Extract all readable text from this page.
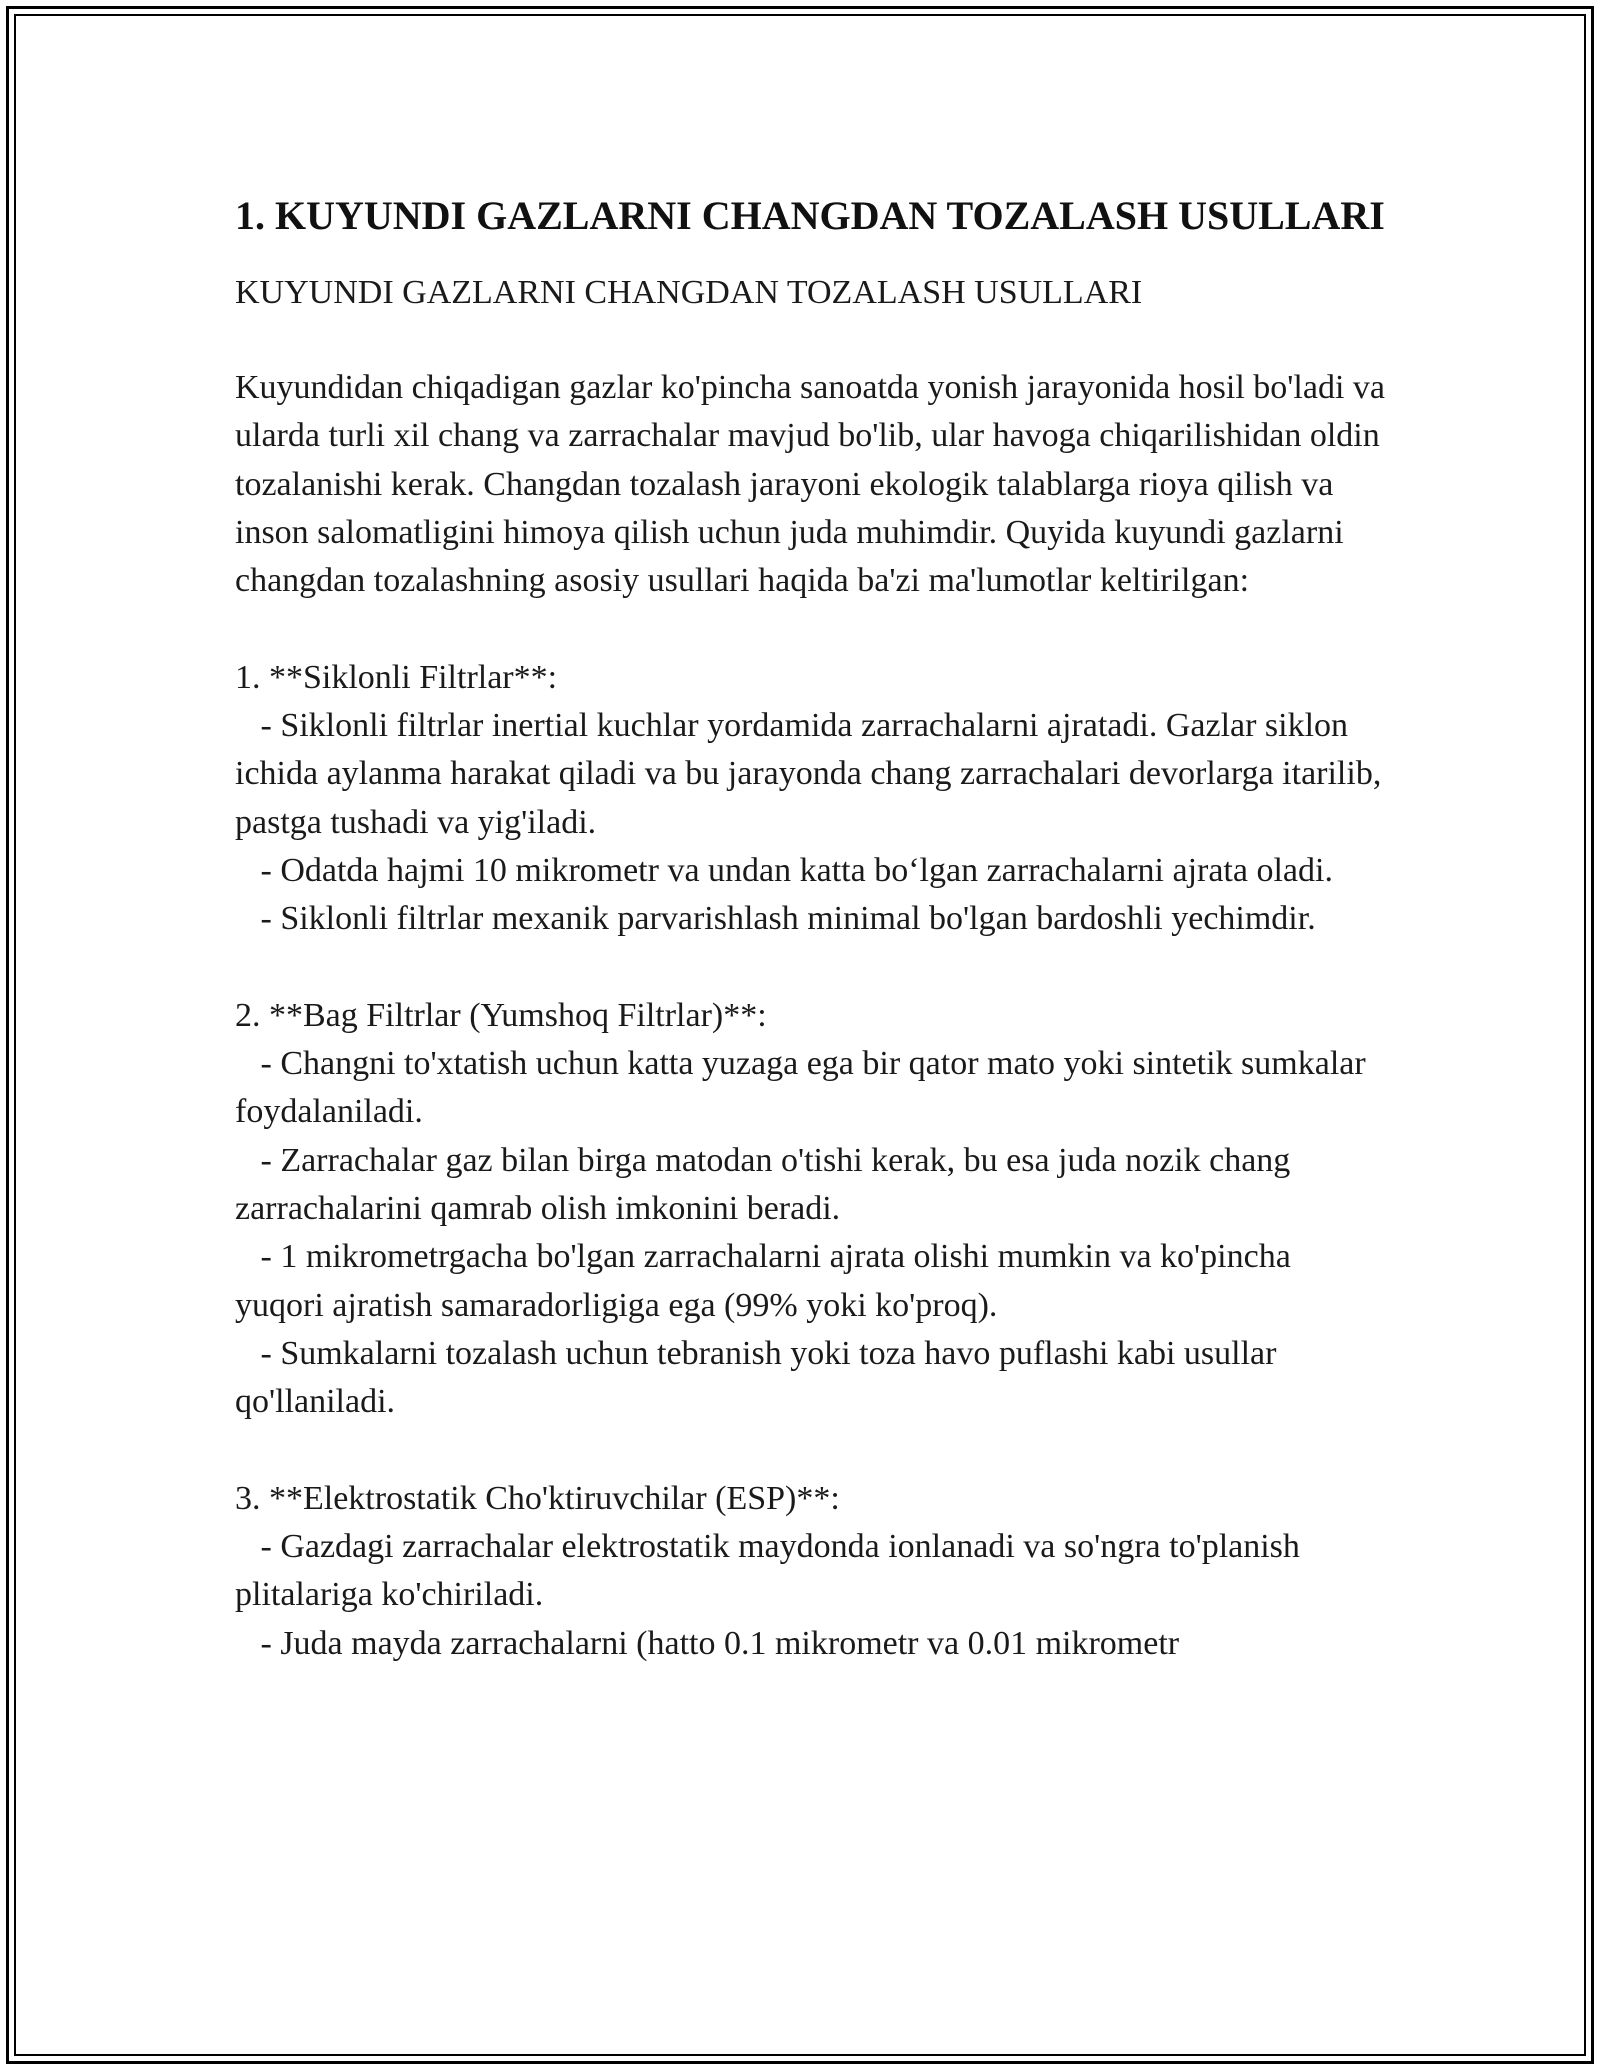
1. KUYUNDI GAZLARNI CHANGDAN TOZALASH USULLARI

KUYUNDI GAZLARNI CHANGDAN TOZALASH USULLARI

Kuyundidan chiqadigan gazlar ko'pincha sanoatda yonish jarayonida hosil bo'ladi va ularda turli xil chang va zarrachalar mavjud bo'lib, ular havoga chiqarilishidan oldin tozalanishi kerak. Changdan tozalash jarayoni ekologik talablarga rioya qilish va inson salomatligini himoya qilish uchun juda muhimdir. Quyida kuyundi gazlarni changdan tozalashning asosiy usullari haqida ba'zi ma'lumotlar keltirilgan:

1. **Siklonli Filtrlar**:
- Siklonli filtrlar inertial kuchlar yordamida zarrachalarni ajratadi. Gazlar siklon ichida aylanma harakat qiladi va bu jarayonda chang zarrachalari devorlarga itarilib, pastga tushadi va yig'iladi.
- Odatda hajmi 10 mikrometr va undan katta bo‘lgan zarrachalarni ajrata oladi.
- Siklonli filtrlar mexanik parvarishlash minimal bo'lgan bardoshli yechimdir.

2. **Bag Filtrlar (Yumshoq Filtrlar)**:
- Changni to'xtatish uchun katta yuzaga ega bir qator mato yoki sintetik sumkalar foydalaniladi.
- Zarrachalar gaz bilan birga matodan o'tishi kerak, bu esa juda nozik chang zarrachalarini qamrab olish imkonini beradi.
- 1 mikrometrgacha bo'lgan zarrachalarni ajrata olishi mumkin va ko'pincha yuqori ajratish samaradorligiga ega (99% yoki ko'proq).
- Sumkalarni tozalash uchun tebranish yoki toza havo puflashi kabi usullar qo'llaniladi.

3. **Elektrostatik Cho'ktiruvchilar (ESP)**:
- Gazdagi zarrachalar elektrostatik maydonda ionlanadi va so'ngra to'planish plitalariga ko'chiriladi.
- Juda mayda zarrachalarni (hatto 0.1 mikrometr va 0.01 mikrometr
